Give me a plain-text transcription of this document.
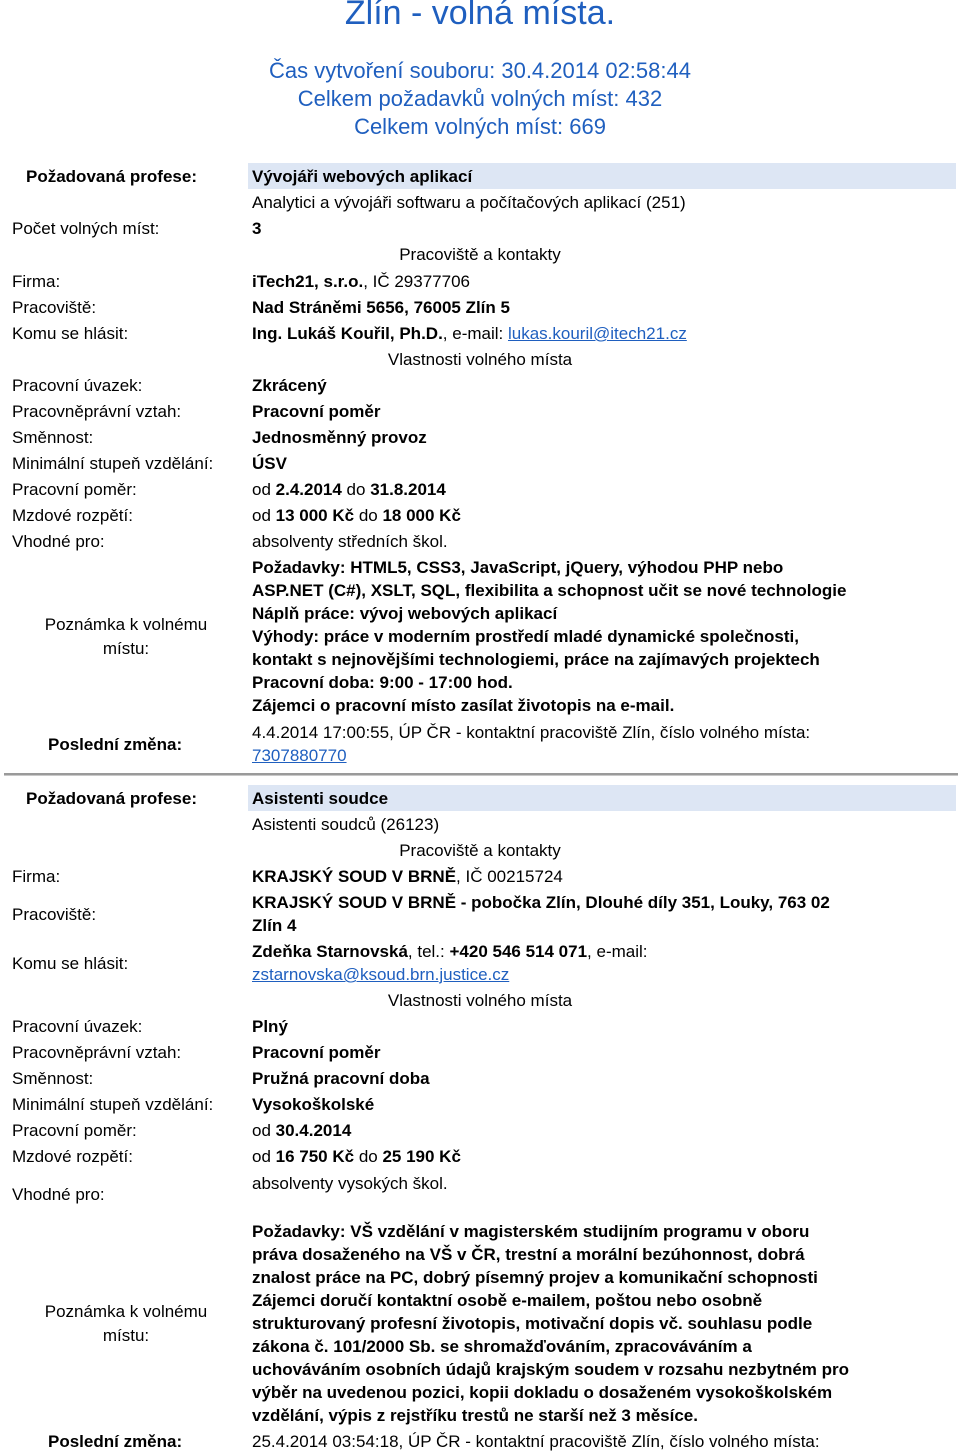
Zlín - volná místa.
Čas vytvoření souboru: 30.4.2014 02:58:44
Celkem požadavků volných míst: 432
Celkem volných míst: 669
Požadovaná profese:	Vývojáři webových aplikací
Analytici a vývojáři softwaru a počítačových aplikací (251)
Počet volných míst:	3
Pracoviště a kontakty
Firma:	iTech21, s.r.o., IČ 29377706
Pracoviště:	Nad Stráněmi 5656, 76005 Zlín 5
Komu se hlásit:	Ing. Lukáš Kouřil, Ph.D., e-mail: lukas.kouril@itech21.cz
Vlastnosti volného místa
Pracovní úvazek:	Zkrácený
Pracovněprávní vztah:	Pracovní poměr
Směnnost:	Jednosměnný provoz
Minimální stupeň vzdělání: ÚSV
Pracovní poměr:	od 2.4.2014 do 31.8.2014
Mzdové rozpětí:	od 13 000 Kč do 18 000 Kč
Vhodné pro:	absolventy středních škol.
Poznámka k volnému
místu:
Požadavky: HTML5, CSS3, JavaScript, jQuery, výhodou PHP nebo
ASP.NET (C#), XSLT, SQL, flexibilita a schopnost učit se nové technologie
Náplň práce: vývoj webových aplikací
Výhody: práce v moderním prostředí mladé dynamické společnosti,
kontakt s nejnovějšími technologiemi, práce na zajímavých projektech
Pracovní doba: 9:00 - 17:00 hod.
Zájemci o pracovní místo zasílat životopis na e-mail.
Poslední změna:
4.4.2014 17:00:55, ÚP ČR - kontaktní pracoviště Zlín, číslo volného místa:
7307880770
Požadovaná profese:	Asistenti soudce
Asistenti soudců (26123)
Pracoviště a kontakty
Firma:	KRAJSKÝ SOUD V BRNĚ, IČ 00215724
Pracoviště:
KRAJSKÝ SOUD V BRNĚ - pobočka Zlín, Dlouhé díly 351, Louky, 763 02
Zlín 4
Komu se hlásit:
Zdeňka Starnovská, tel.: +420 546 514 071, e-mail:
zstarnovska@ksoud.brn.justice.cz
Vlastnosti volného místa
Pracovní úvazek:	Plný
Pracovněprávní vztah:	Pracovní poměr
Směnnost:	Pružná pracovní doba
Minimální stupeň vzdělání: Vysokoškolské
Pracovní poměr:	od 30.4.2014
Mzdové rozpětí:	od 16 750 Kč do 25 190 Kč
Vhodné pro:
absolventy vysokých škol.
Poznámka k volnému
místu:
Požadavky: VŠ vzdělání v magisterském studijním programu v oboru
práva dosaženého na VŠ v ČR, trestní a morální bezúhonnost, dobrá
znalost práce na PC, dobrý písemný projev a komunikační schopnosti
Zájemci doručí kontaktní osobě e-mailem, poštou nebo osobně
strukturovaný profesní životopis, motivační dopis vč. souhlasu podle
zákona č. 101/2000 Sb. se shromažďováním, zpracováváním a
uchováváním osobních údajů krajským soudem v rozsahu nezbytném pro
výběr na uvedenou pozici, kopii dokladu o dosaženém vysokoškolském
vzdělání, výpis z rejstříku trestů ne starší než 3 měsíce.
Poslední změna:	25.4.2014 03:54:18, ÚP ČR - kontaktní pracoviště Zlín, číslo volného místa:
